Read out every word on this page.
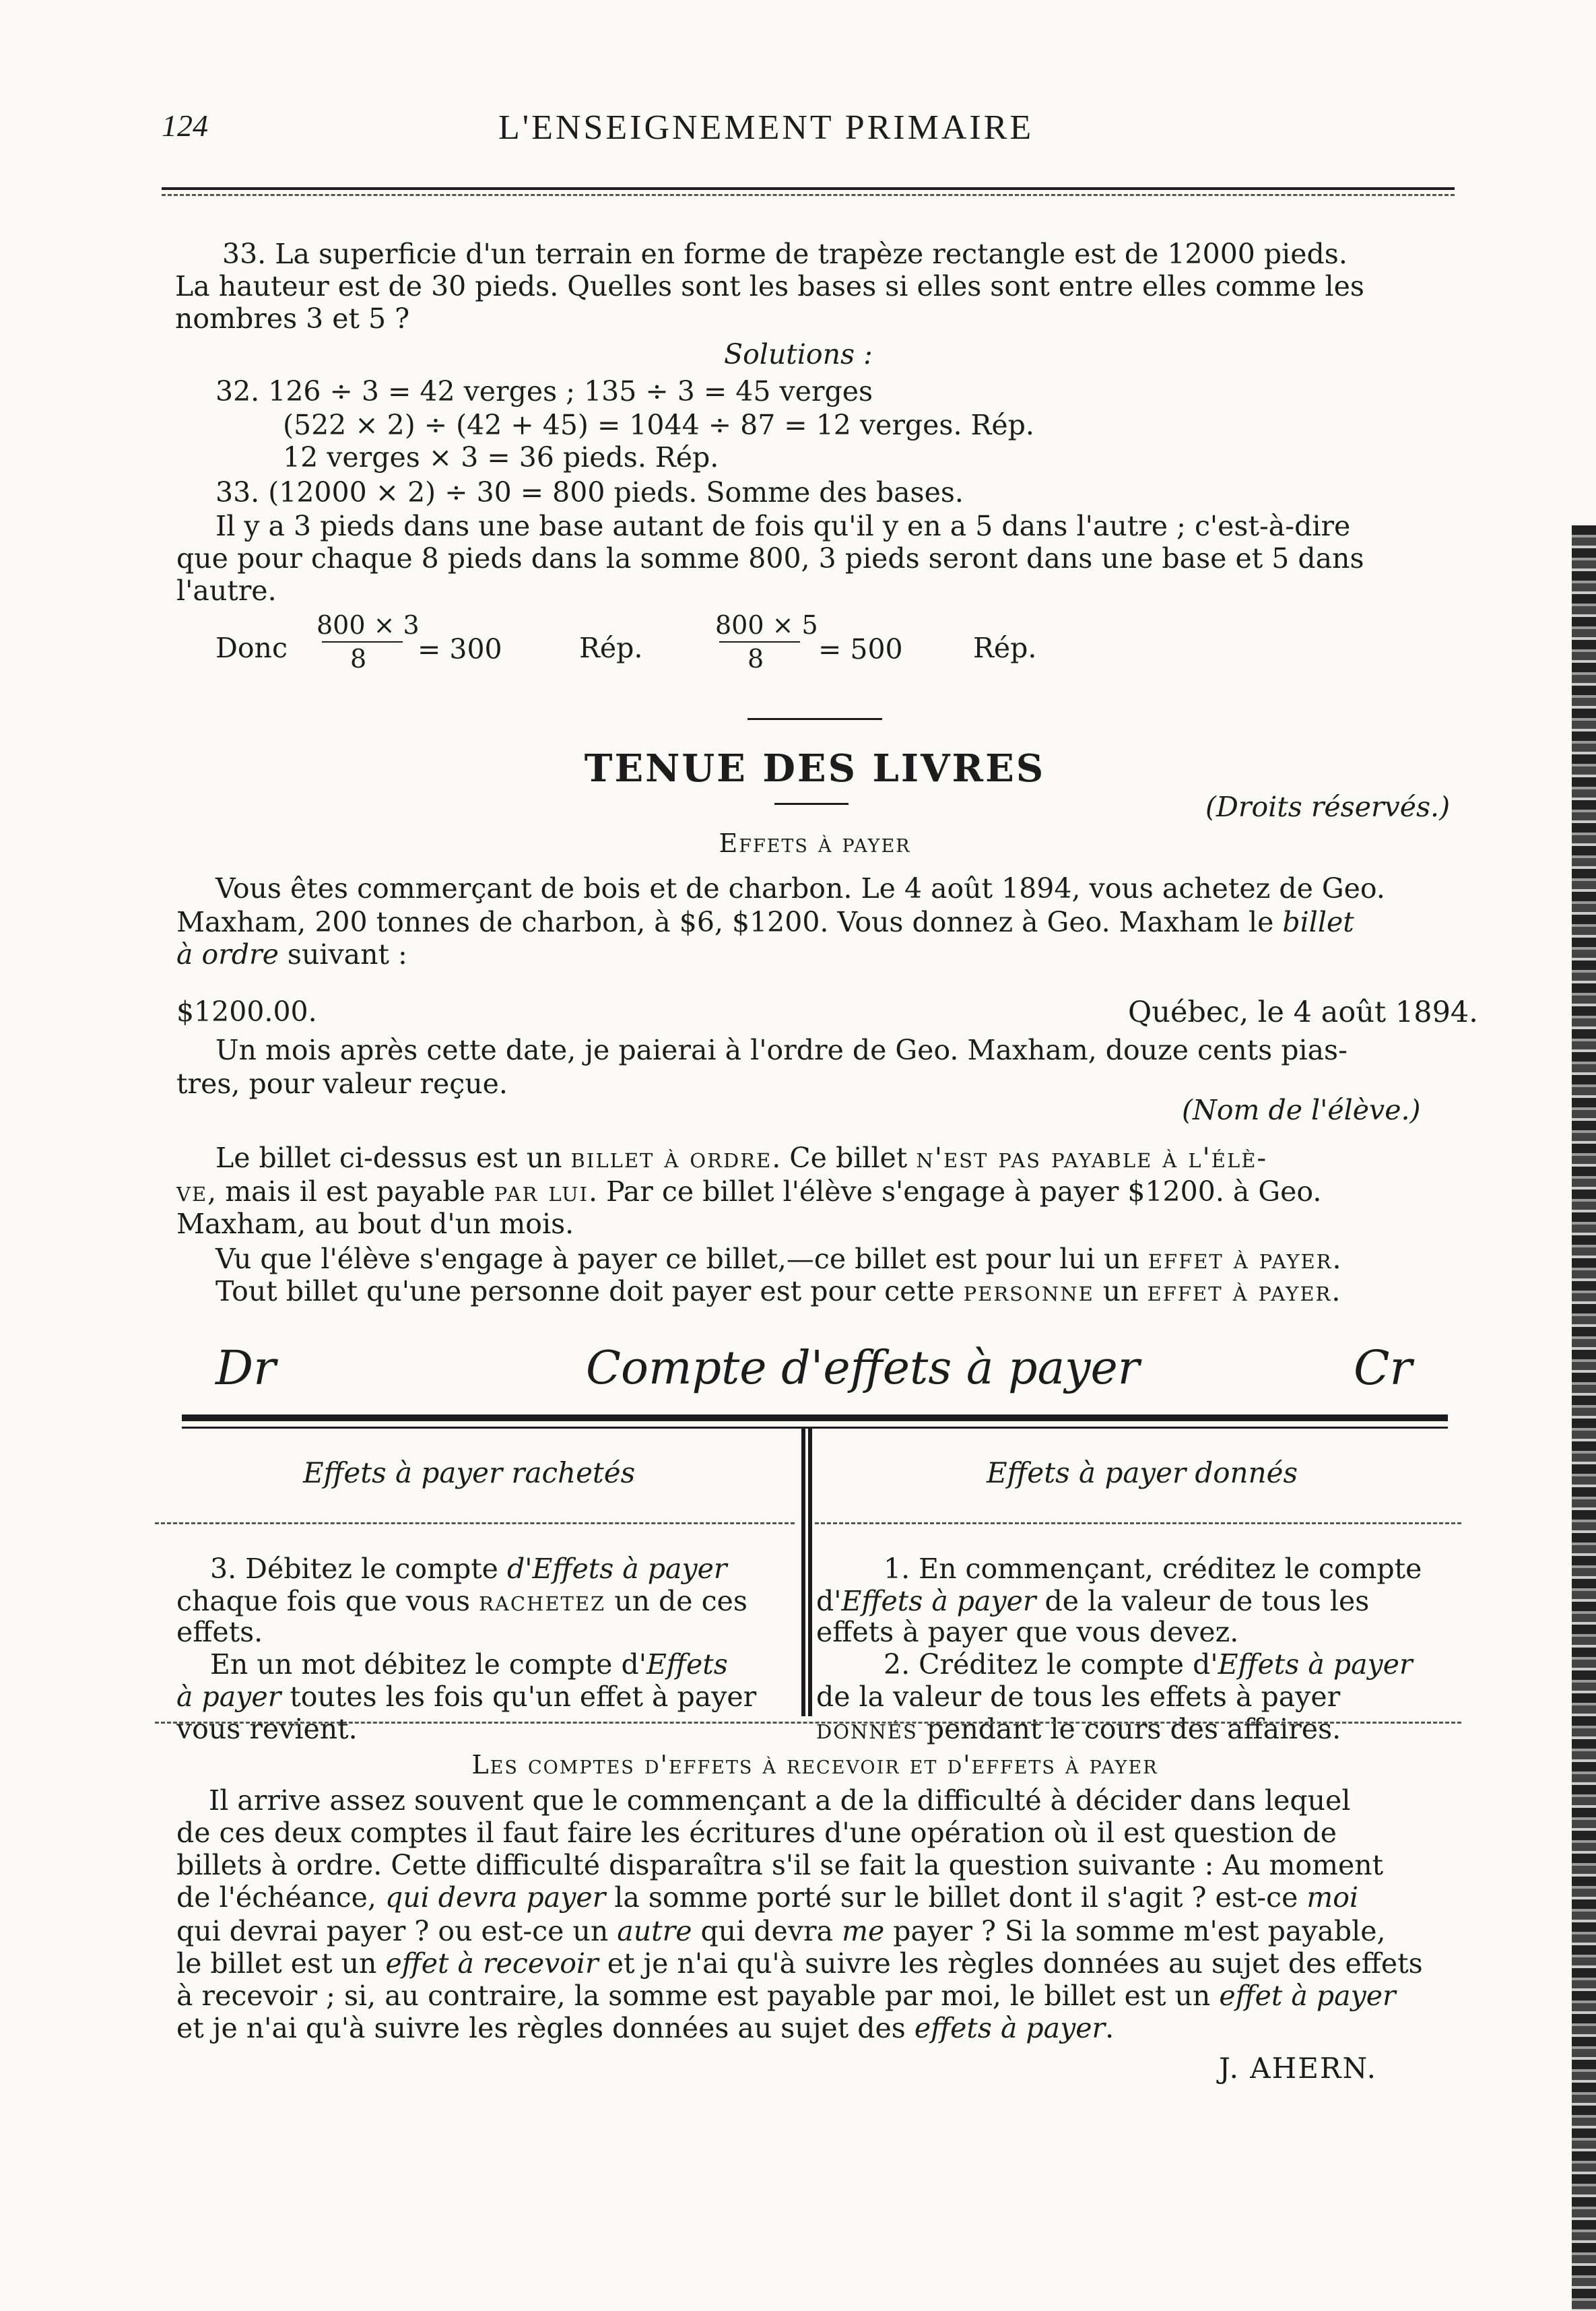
124	L'ENSEIGNEMENT PRIMAIRE
33. La superficie d'un terrain en forme de trapèze rectangle est de 12000 pieds.
La hauteur est de 30 pieds. Quelles sont les bases si elles sont entre elles comme les
nombres 3 et 5 ?
Solutions :
32. 126 ÷ 3 = 42 verges ; 135 ÷ 3 = 45 verges
(522 × 2) ÷ (42 + 45) = 1044 ÷ 87 = 12 verges. Rép.
12 verges × 3 = 36 pieds. Rép.
33. (12000 × 2) ÷ 30 = 800 pieds. Somme des bases.
Il y a 3 pieds dans une base autant de fois qu'il y en a 5 dans l'autre ; c'est-à-dire
que pour chaque 8 pieds dans la somme 800, 3 pieds seront dans une base et 5 dans
l'autre.
Donc
800 × 3
8 = 300	Rép.
800 × 5
8 = 500	Rép.
TENUE DES LIVRES
(Droits réservés.)
Effets à payer
Vous êtes commerçant de bois et de charbon. Le 4 août 1894, vous achetez de Geo.
Maxham, 200 tonnes de charbon, à $6, $1200. Vous donnez à Geo. Maxham le billet
à ordre suivant :
$1200.00.	Québec, le 4 août 1894.
Un mois après cette date, je paierai à l'ordre de Geo. Maxham, douze cents pias-
tres, pour valeur reçue.
(Nom de l'élève.)
Le billet ci-dessus est un billet à ordre. Ce billet n'est pas payable à l'élè-
ve, mais il est payable par lui. Par ce billet l'élève s'engage à payer $1200. à Geo.
Maxham, au bout d'un mois.
Vu que l'élève s'engage à payer ce billet,—ce billet est pour lui un effet à payer.
Tout billet qu'une personne doit payer est pour cette personne un effet à payer.
Dr	Compte d'effets à payer	Cr
Effets à payer rachetés	Effets à payer donnés
3. Débitez le compte d'Effets à payer
chaque fois que vous rachetez un de ces
effets.
En un mot débitez le compte d'Effets
à payer toutes les fois qu'un effet à payer
vous revient.
1. En commençant, créditez le compte
d'Effets à payer de la valeur de tous les
effets à payer que vous devez.
2. Créditez le compte d'Effets à payer
de la valeur de tous les effets à payer
donnés pendant le cours des affaires.
Les comptes d'effets à recevoir et d'effets à payer
Il arrive assez souvent que le commençant a de la difficulté à décider dans lequel
de ces deux comptes il faut faire les écritures d'une opération où il est question de
billets à ordre. Cette difficulté disparaîtra s'il se fait la question suivante : Au moment
de l'échéance, qui devra payer la somme porté sur le billet dont il s'agit ? est-ce moi
qui devrai payer ? ou est-ce un autre qui devra me payer ? Si la somme m'est payable,
le billet est un effet à recevoir et je n'ai qu'à suivre les règles données au sujet des effets
à recevoir ; si, au contraire, la somme est payable par moi, le billet est un effet à payer
et je n'ai qu'à suivre les règles données au sujet des effets à payer.
J. AHERN.
